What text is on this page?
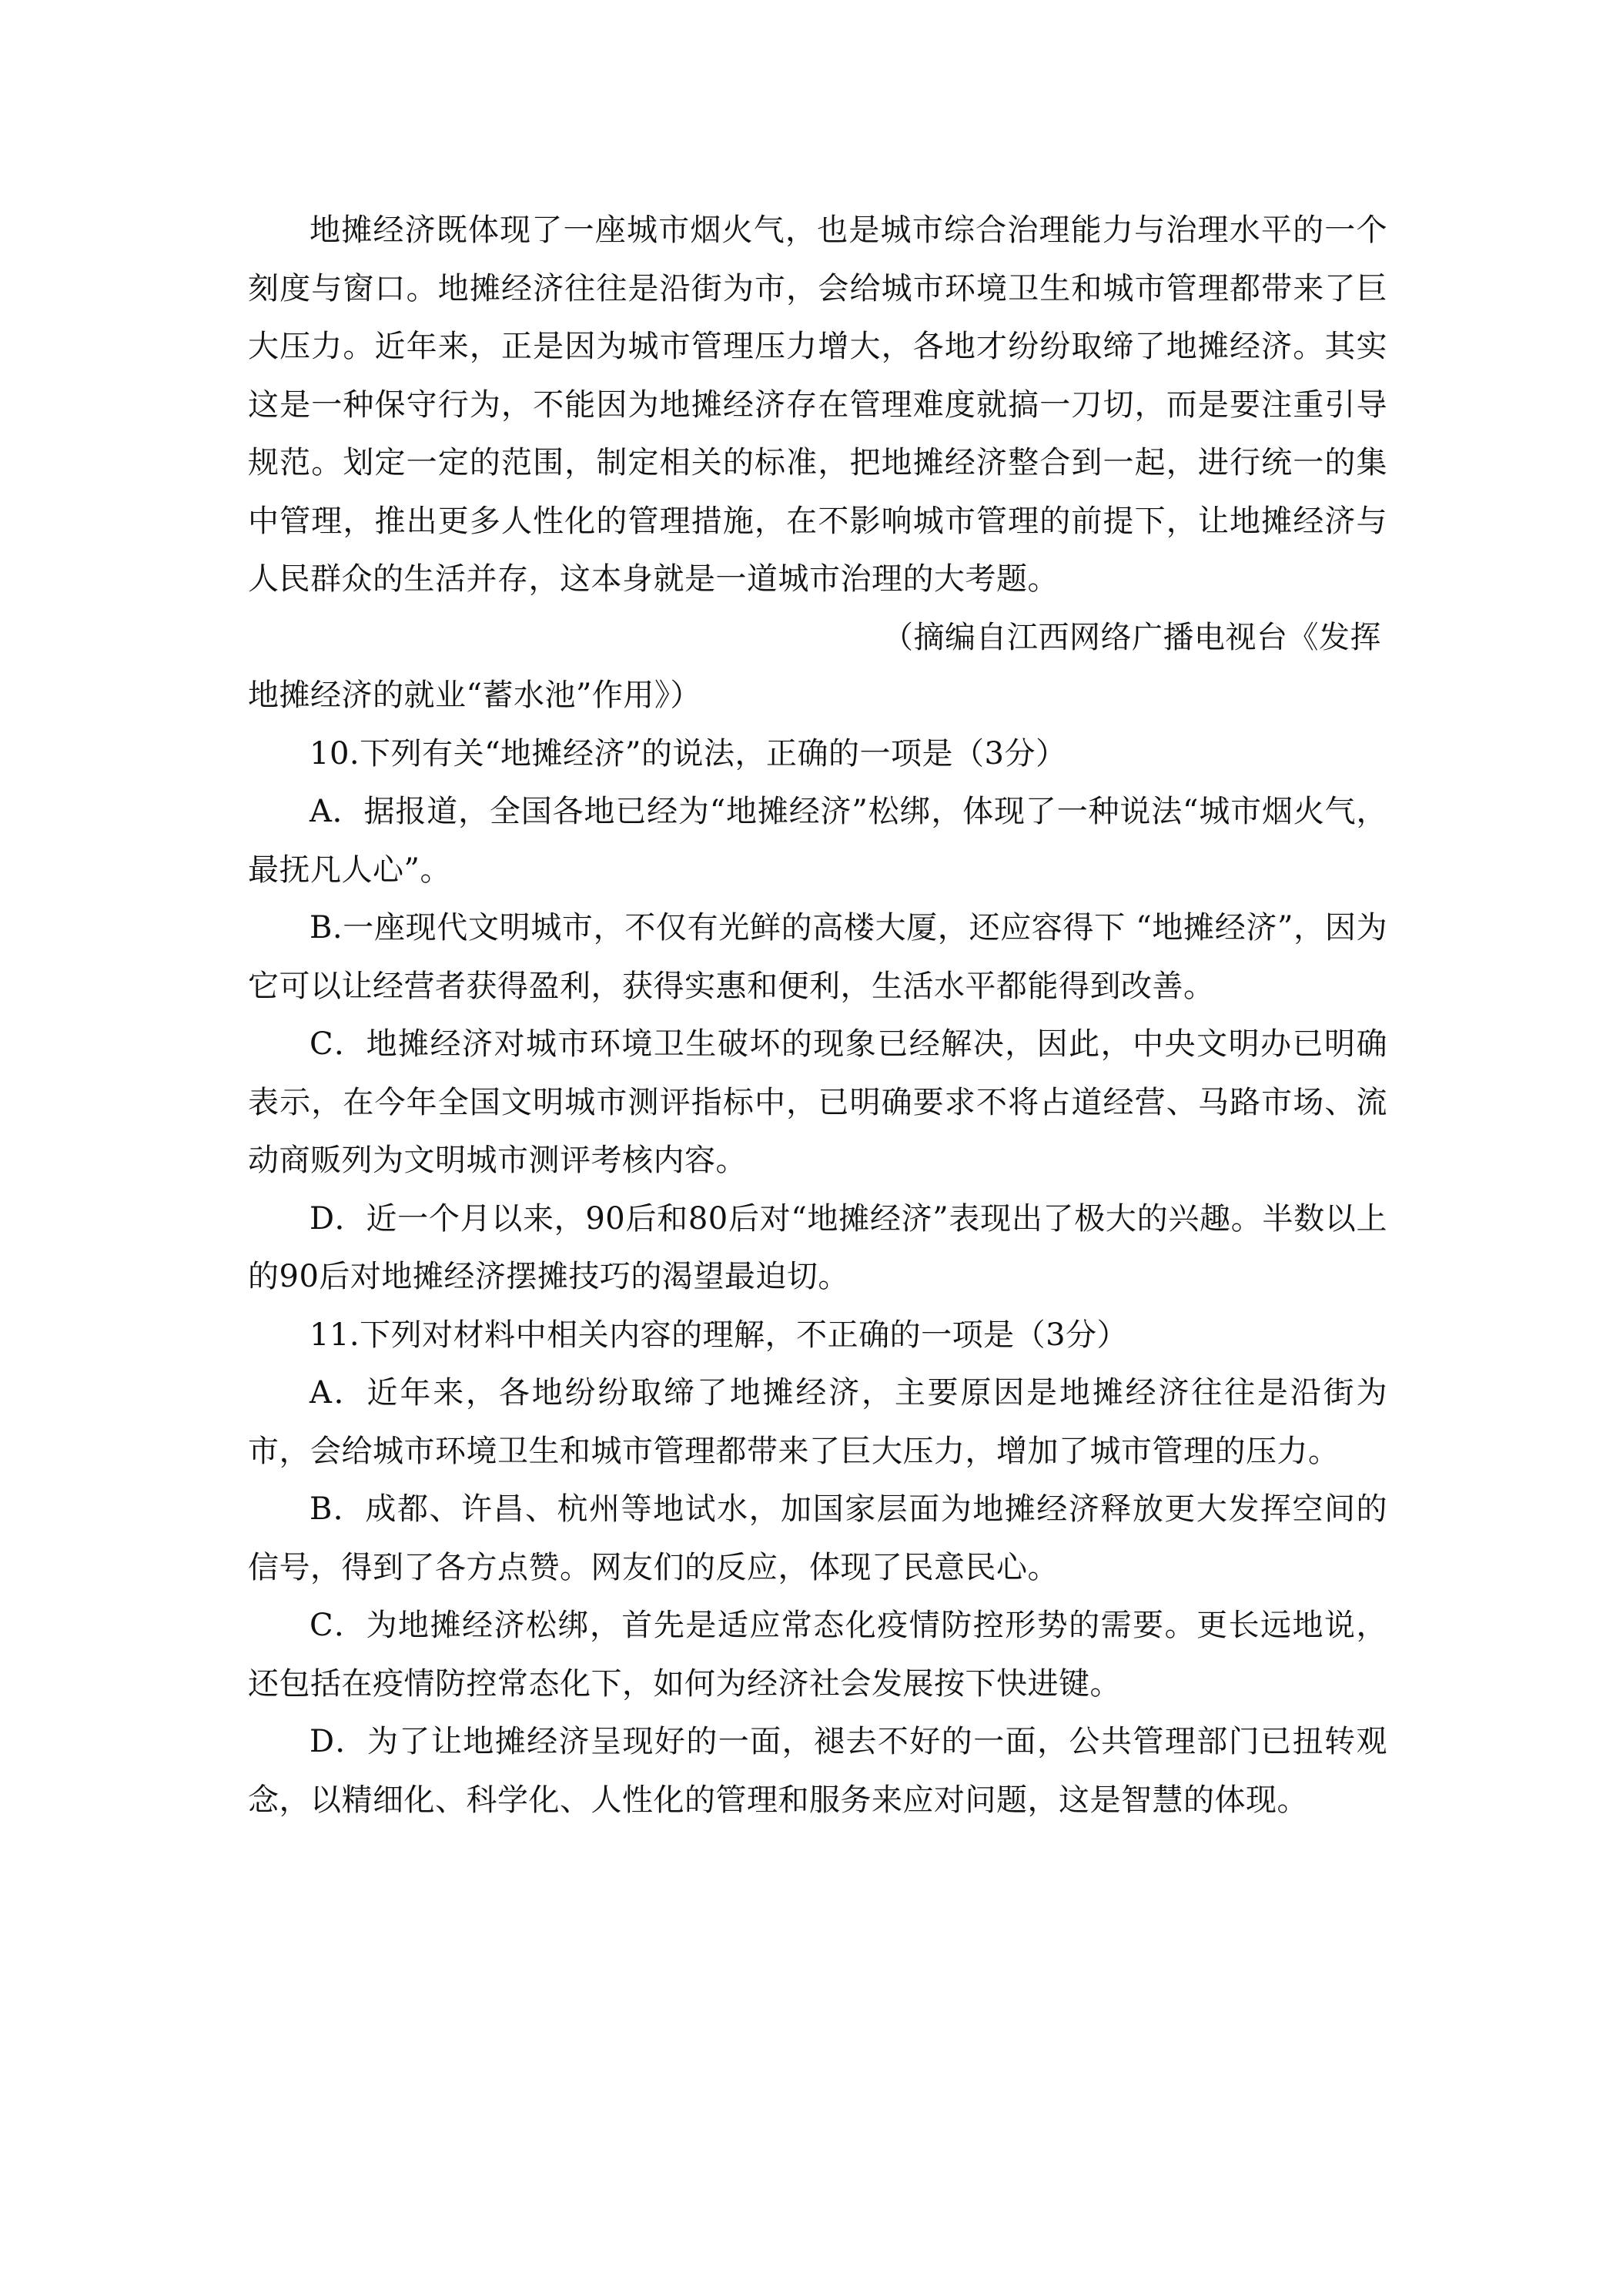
地摊经济既体现了一座城市烟火气，也是城市综合治理能力与治理水平的一个刻度与窗口。地摊经济往往是沿街为市，会给城市环境卫生和城市管理都带来了巨大压力。近年来，正是因为城市管理压力增大，各地才纷纷取缔了地摊经济。其实这是一种保守行为，不能因为地摊经济存在管理难度就搞一刀切，而是要注重引导规范。划定一定的范围，制定相关的标准，把地摊经济整合到一起，进行统一的集中管理，推出更多人性化的管理措施，在不影响城市管理的前提下，让地摊经济与人民群众的生活并存，这本身就是一道城市治理的大考题。

（摘编自江西网络广播电视台《发挥

地摊经济的就业“蓄水池”作用》）

10.下列有关“地摊经济”的说法，正确的一项是（3分）

A．据报道，全国各地已经为“地摊经济”松绑，体现了一种说法“城市烟火气，最抚凡人心”。

B.一座现代文明城市，不仅有光鲜的高楼大厦，还应容得下 “地摊经济”，因为它可以让经营者获得盈利，获得实惠和便利，生活水平都能得到改善。

C．地摊经济对城市环境卫生破坏的现象已经解决，因此，中央文明办已明确表示，在今年全国文明城市测评指标中，已明确要求不将占道经营、马路市场、流动商贩列为文明城市测评考核内容。

D．近一个月以来，90后和80后对“地摊经济”表现出了极大的兴趣。半数以上的90后对地摊经济摆摊技巧的渴望最迫切。

11.下列对材料中相关内容的理解，不正确的一项是（3分）

A．近年来，各地纷纷取缔了地摊经济，主要原因是地摊经济往往是沿街为市，会给城市环境卫生和城市管理都带来了巨大压力，增加了城市管理的压力。

B．成都、许昌、杭州等地试水，加国家层面为地摊经济释放更大发挥空间的信号，得到了各方点赞。网友们的反应，体现了民意民心。

C．为地摊经济松绑，首先是适应常态化疫情防控形势的需要。更长远地说，还包括在疫情防控常态化下，如何为经济社会发展按下快进键。

D．为了让地摊经济呈现好的一面，褪去不好的一面，公共管理部门已扭转观念，以精细化、科学化、人性化的管理和服务来应对问题，这是智慧的体现。
